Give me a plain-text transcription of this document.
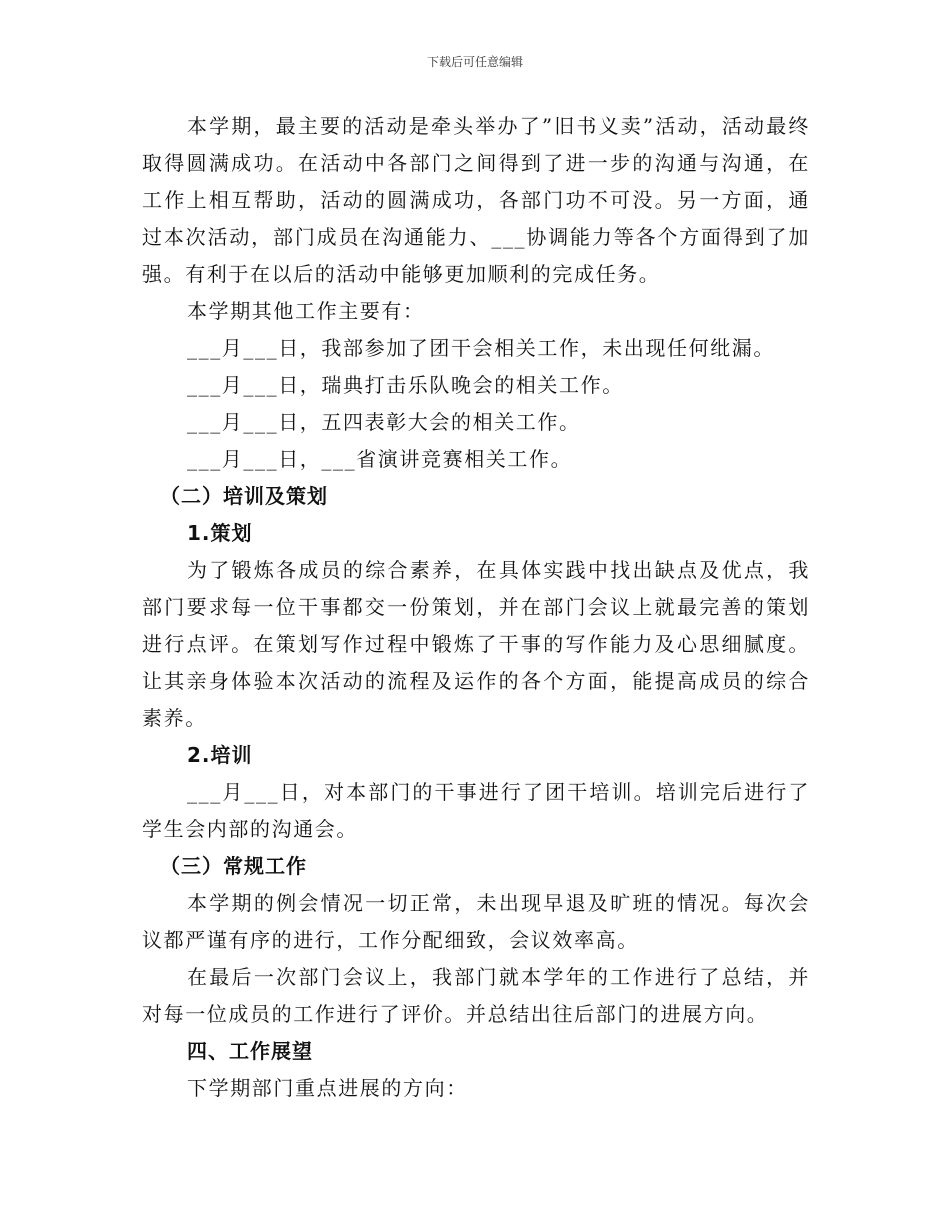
下载后可任意编辑

本学期，最主要的活动是牵头举办了”旧书义卖”活动，活动最终取得圆满成功。在活动中各部门之间得到了进一步的沟通与沟通，在工作上相互帮助，活动的圆满成功，各部门功不可没。另一方面，通过本次活动，部门成员在沟通能力、___协调能力等各个方面得到了加强。有利于在以后的活动中能够更加顺利的完成任务。

本学期其他工作主要有：

___月___日，我部参加了团干会相关工作，未出现任何纰漏。

___月___日，瑞典打击乐队晚会的相关工作。

___月___日，五四表彰大会的相关工作。

___月___日，___省演讲竞赛相关工作。

（二）培训及策划

1.策划

为了锻炼各成员的综合素养，在具体实践中找出缺点及优点，我部门要求每一位干事都交一份策划，并在部门会议上就最完善的策划进行点评。在策划写作过程中锻炼了干事的写作能力及心思细腻度。让其亲身体验本次活动的流程及运作的各个方面，能提高成员的综合素养。

2.培训

___月___日，对本部门的干事进行了团干培训。培训完后进行了学生会内部的沟通会。

（三）常规工作

本学期的例会情况一切正常，未出现早退及旷班的情况。每次会议都严谨有序的进行，工作分配细致，会议效率高。

在最后一次部门会议上，我部门就本学年的工作进行了总结，并对每一位成员的工作进行了评价。并总结出往后部门的进展方向。

四、工作展望

下学期部门重点进展的方向：
